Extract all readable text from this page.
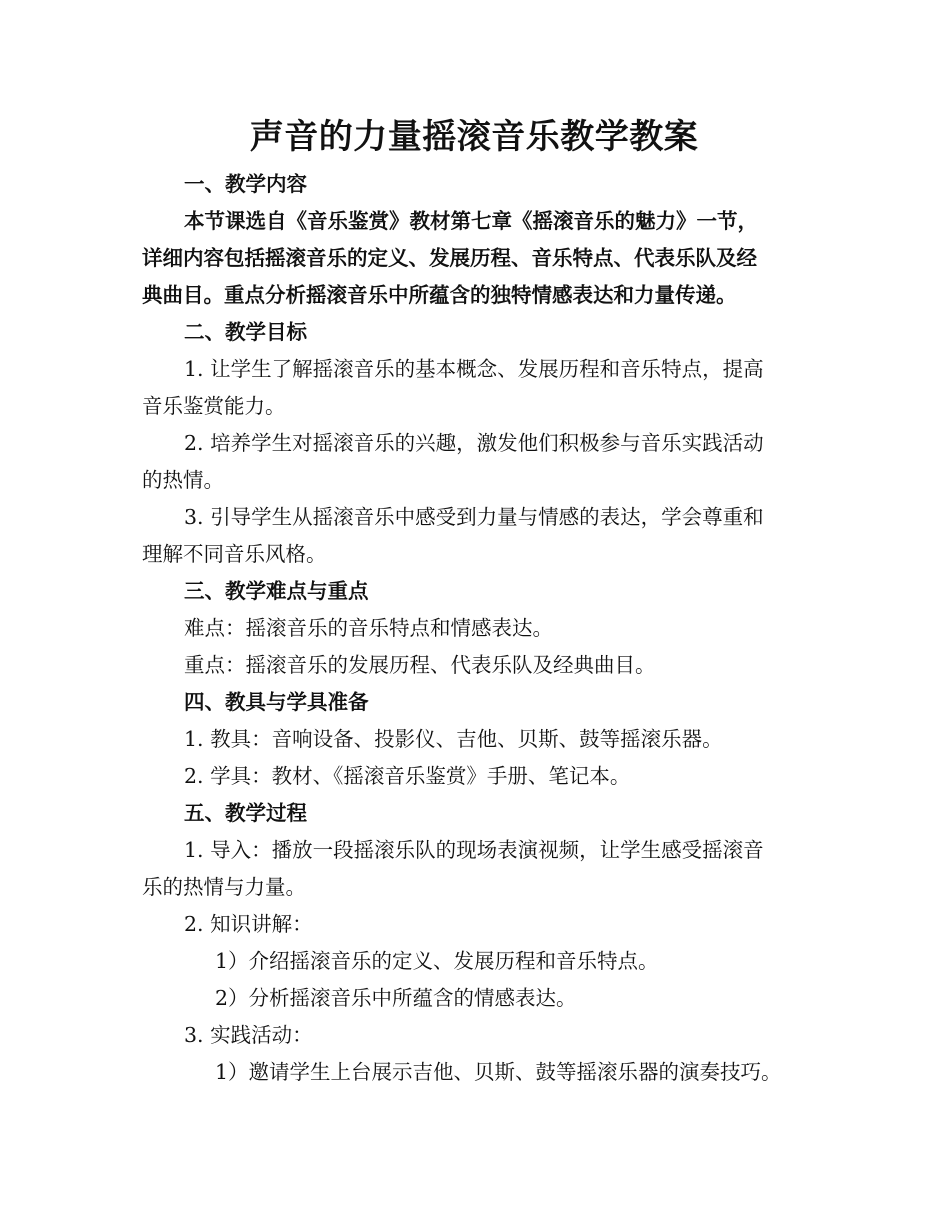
声音的力量摇滚音乐教学教案

一、教学内容

本节课选自《音乐鉴赏》教材第七章《摇滚音乐的魅力》一节，

详细内容包括摇滚音乐的定义、发展历程、音乐特点、代表乐队及经

典曲目。重点分析摇滚音乐中所蕴含的独特情感表达和力量传递。

二、教学目标

1. 让学生了解摇滚音乐的基本概念、发展历程和音乐特点，提高

音乐鉴赏能力。

2. 培养学生对摇滚音乐的兴趣，激发他们积极参与音乐实践活动

的热情。

3. 引导学生从摇滚音乐中感受到力量与情感的表达，学会尊重和

理解不同音乐风格。

三、教学难点与重点

难点：摇滚音乐的音乐特点和情感表达。

重点：摇滚音乐的发展历程、代表乐队及经典曲目。

四、教具与学具准备

1. 教具：音响设备、投影仪、吉他、贝斯、鼓等摇滚乐器。

2. 学具：教材、《摇滚音乐鉴赏》手册、笔记本。

五、教学过程

1. 导入：播放一段摇滚乐队的现场表演视频，让学生感受摇滚音

乐的热情与力量。

2. 知识讲解：

1）介绍摇滚音乐的定义、发展历程和音乐特点。

2）分析摇滚音乐中所蕴含的情感表达。

3. 实践活动：

1）邀请学生上台展示吉他、贝斯、鼓等摇滚乐器的演奏技巧。
